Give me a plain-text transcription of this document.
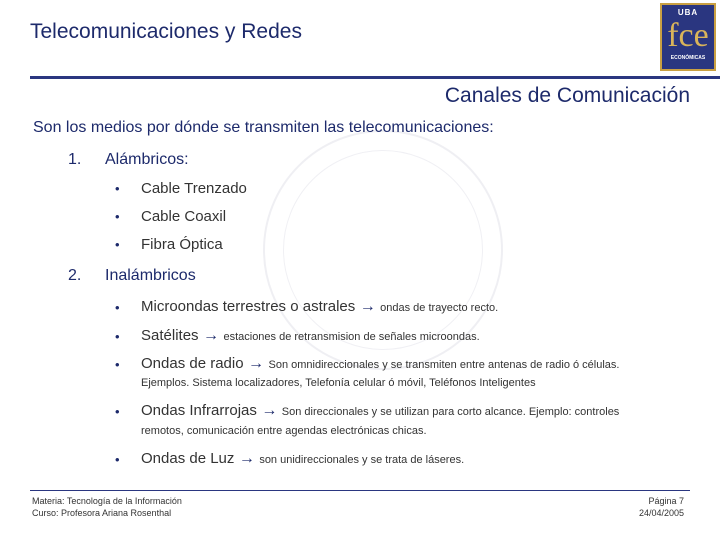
Telecomunicaciones y Redes
UBA
fce
ECONÓMICAS
Canales de Comunicación
Son los medios por dónde se transmiten las telecomunicaciones:
1. Alámbricos:
• Cable Trenzado
• Cable Coaxil
• Fibra Óptica
2. Inalámbricos
• Microondas terrestres o astrales → ondas de trayecto recto.
• Satélites → estaciones de retransmision de señales microondas.
• Ondas de radio → Son omnidireccionales y se transmiten entre antenas de radio ó células.
Ejemplos. Sistema localizadores, Telefonía celular ó móvil, Teléfonos Inteligentes
• Ondas Infrarrojas → Son direccionales y se utilizan para corto alcance. Ejemplo: controles
remotos, comunicación entre agendas electrónicas chicas.
• Ondas de Luz → son unidireccionales y se trata de láseres.
Materia: Tecnología de la Información
Curso: Profesora Ariana Rosenthal
Página 7
24/04/2005
